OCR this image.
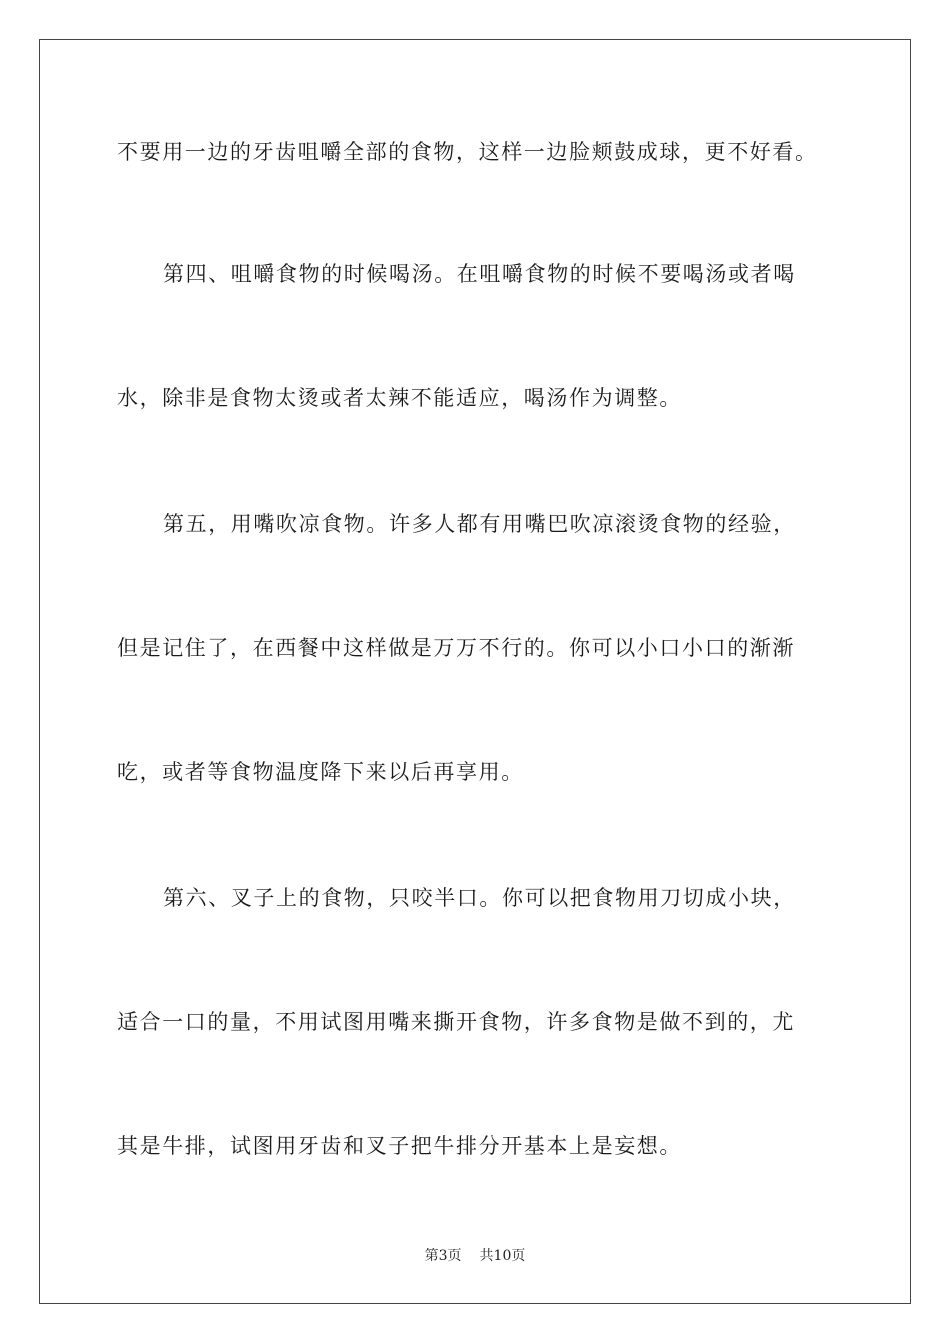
不要用一边的牙齿咀嚼全部的食物，这样一边脸颊鼓成球，更不好看。
第四、咀嚼食物的时候喝汤。在咀嚼食物的时候不要喝汤或者喝
水，除非是食物太烫或者太辣不能适应，喝汤作为调整。
第五，用嘴吹凉食物。许多人都有用嘴巴吹凉滚烫食物的经验，
但是记住了，在西餐中这样做是万万不行的。你可以小口小口的渐渐
吃，或者等食物温度降下来以后再享用。
第六、叉子上的食物，只咬半口。你可以把食物用刀切成小块，
适合一口的量，不用试图用嘴来撕开食物，许多食物是做不到的，尤
其是牛排，试图用牙齿和叉子把牛排分开基本上是妄想。
第3页 共10页
